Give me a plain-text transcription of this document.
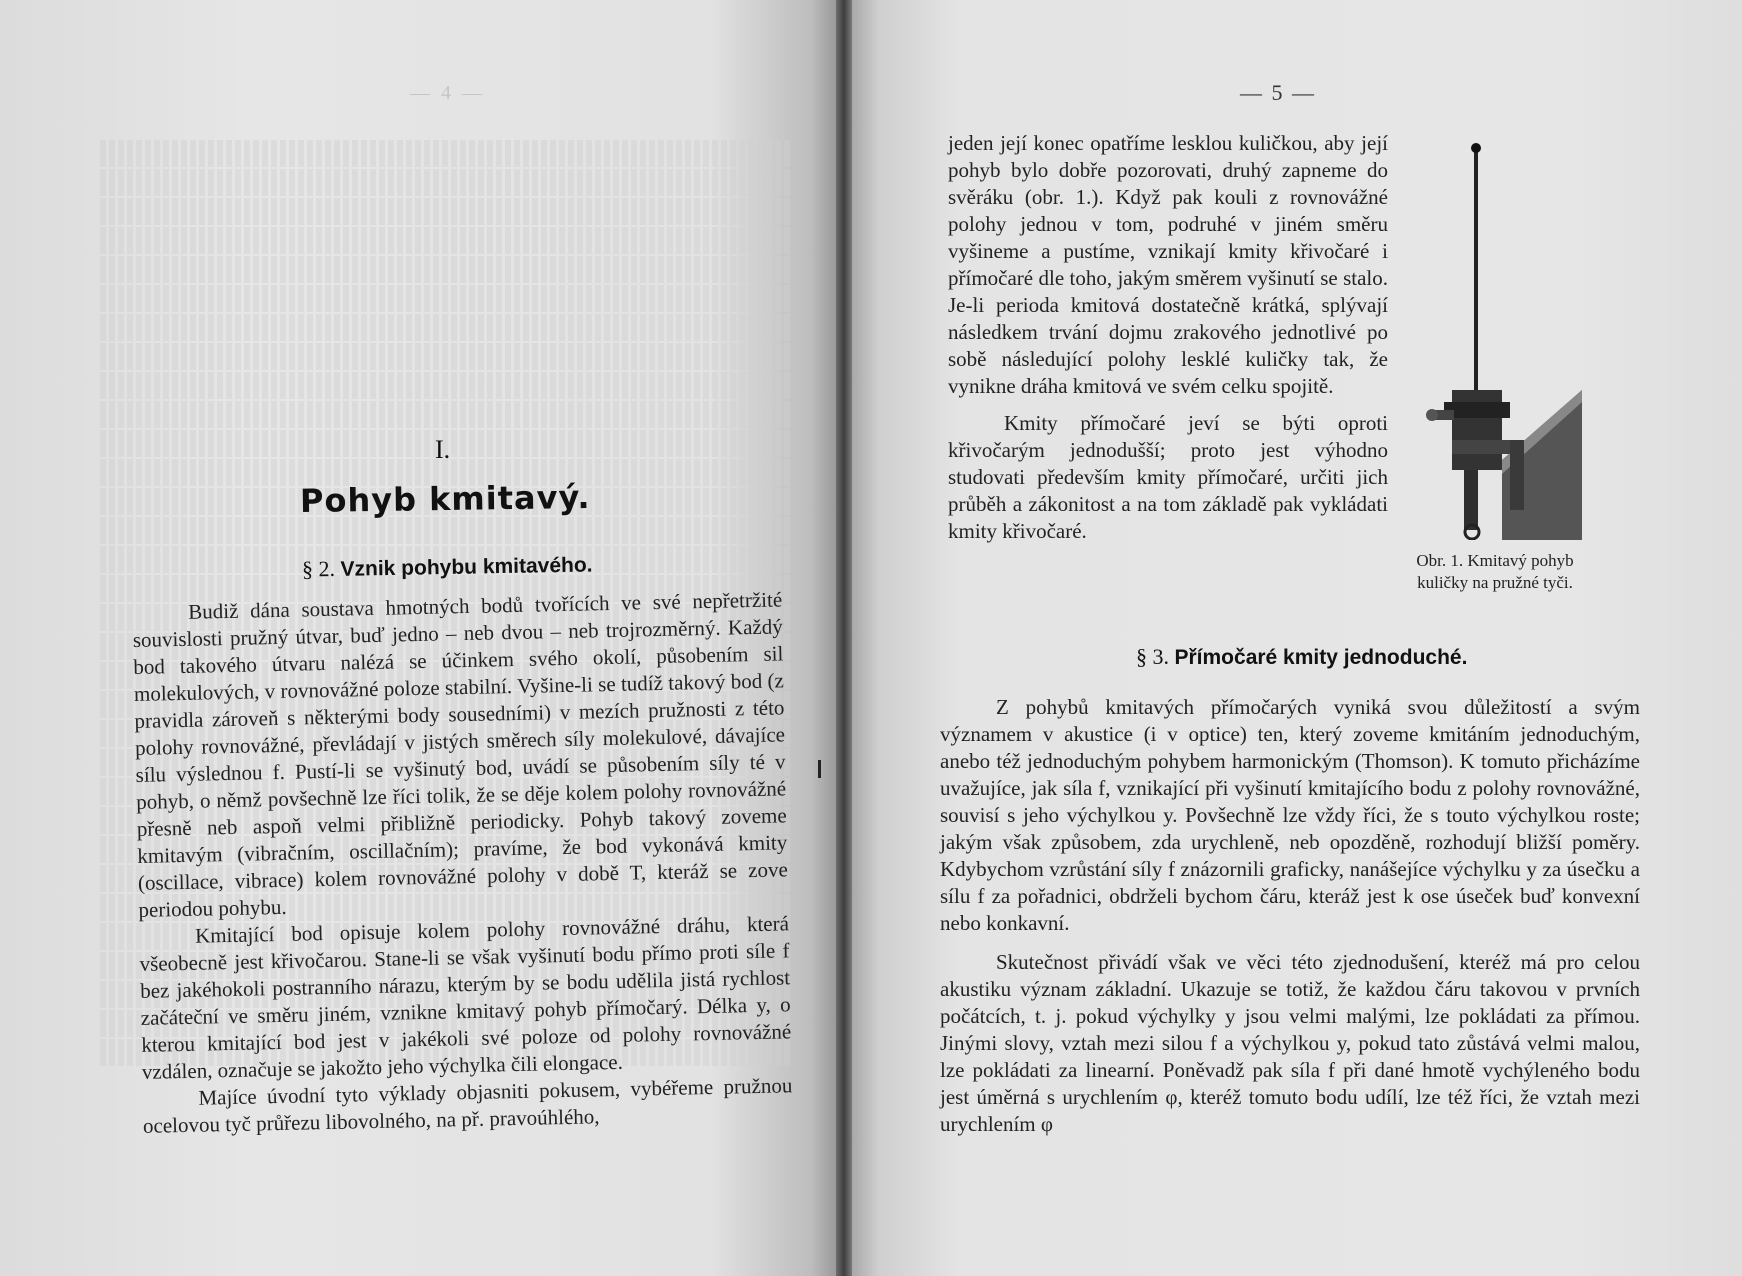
— 4 —
I.
Pohyb kmitavý.
§ 2. Vznik pohybu kmitavého.

Budiž dána soustava hmotných bodů tvořících ve své nepřetržité souvislosti pružný útvar, buď jedno – neb dvou – neb trojrozměrný. Každý bod takového útvaru nalézá se účinkem svého okolí, působením sil molekulových, v rovnovážné poloze stabilní. Vyšine-li se tudíž takový bod (z pravidla zároveň s některými body sousedními) v mezích pružnosti z této polohy rovnovážné, převládají v jistých směrech síly molekulové, dávajíce sílu výslednou f. Pustí-li se vyšinutý bod, uvádí se působením síly té v pohyb, o němž povšechně lze říci tolik, že se děje kolem polohy rovnovážné přesně neb aspoň velmi přibližně periodicky. Pohyb takový zoveme kmitavým (vibračním, oscillačním); pravíme, že bod vykonává kmity (oscillace, vibrace) kolem rovnovážné polohy v době T, kteráž se zove periodou pohybu.

Kmitající bod opisuje kolem polohy rovnovážné dráhu, která všeobecně jest křivočarou. Stane-li se však vyšinutí bodu přímo proti síle f bez jakéhokoli postranního nárazu, kterým by se bodu udělila jistá rychlost začáteční ve směru jiném, vznikne kmitavý pohyb přímočarý. Délka y, o kterou kmitající bod jest v jakékoli své poloze od polohy rovnovážné vzdálen, označuje se jakožto jeho výchylka čili elongace.

Majíce úvodní tyto výklady objasniti pokusem, vybéřeme pružnou ocelovou tyč průřezu libovolného, na př. pravoúhlého,

— 5 —

jeden její konec opatříme lesklou kuličkou, aby její pohyb bylo dobře pozorovati, druhý zapneme do svěráku (obr. 1.). Když pak kouli z rovnovážné polohy jednou v tom, podruhé v jiném směru vyšineme a pustíme, vznikají kmity křivočaré i přímočaré dle toho, jakým směrem vyšinutí se stalo. Je-li perioda kmitová dostatečně krátká, splývají následkem trvání dojmu zrakového jednotlivé po sobě následující polohy lesklé kuličky tak, že vynikne dráha kmitová ve svém celku spojitě.

Kmity přímočaré jeví se býti oproti křivočarým jednodušší; proto jest výhodno studovati především kmity přímočaré, určiti jich průběh a zákonitost a na tom základě pak vykládati kmity křivočaré.

Obr. 1. Kmitavý pohyb kuličky na pružné tyči.
§ 3. Přímočaré kmity jednoduché.

Z pohybů kmitavých přímočarých vyniká svou důležitostí a svým významem v akustice (i v optice) ten, který zoveme kmitáním jednoduchým, anebo též jednoduchým pohybem harmonickým (Thomson). K tomuto přicházíme uvažujíce, jak síla f, vznikající při vyšinutí kmitajícího bodu z polohy rovnovážné, souvisí s jeho výchylkou y. Povšechně lze vždy říci, že s touto výchylkou roste; jakým však způsobem, zda urychleně, neb opozděně, rozhodují bližší poměry. Kdybychom vzrůstání síly f znázornili graficky, nanášejíce výchylku y za úsečku a sílu f za pořadnici, obdrželi bychom čáru, kteráž jest k ose úseček buď konvexní nebo konkavní.

Skutečnost přivádí však ve věci této zjednodušení, kteréž má pro celou akustiku význam základní. Ukazuje se totiž, že každou čáru takovou v prvních počátcích, t. j. pokud výchylky y jsou velmi malými, lze pokládati za přímou. Jinými slovy, vztah mezi silou f a výchylkou y, pokud tato zůstává velmi malou, lze pokládati za linearní. Poněvadž pak síla f při dané hmotě vychýleného bodu jest úměrná s urychlením φ, kteréž tomuto bodu udílí, lze též říci, že vztah mezi urychlením φ
